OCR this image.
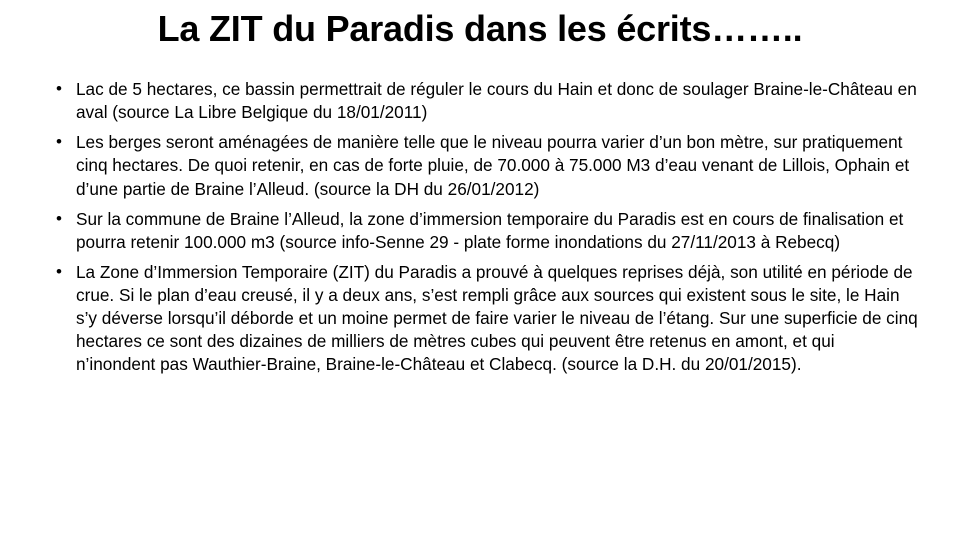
La ZIT du Paradis dans les écrits……..
• Lac de 5 hectares, ce bassin permettrait de réguler le cours du Hain et donc de soulager Braine-le-Château en aval (source La Libre Belgique du 18/01/2011)
• Les berges seront aménagées de manière telle que le niveau pourra varier d’un bon mètre, sur pratiquement cinq hectares. De quoi retenir, en cas de forte pluie, de 70.000 à 75.000 M3 d’eau venant de Lillois, Ophain et d’une partie de Braine l’Alleud. (source la DH du 26/01/2012)
• Sur la commune de Braine l’Alleud, la zone d’immersion temporaire du Paradis est en cours de finalisation et pourra retenir 100.000 m3 (source info-Senne 29 - plate forme inondations du 27/11/2013 à Rebecq)
• La Zone d’Immersion Temporaire (ZIT) du Paradis a prouvé à quelques reprises déjà, son utilité en période de crue. Si le plan d’eau creusé, il y a deux ans, s’est rempli grâce aux sources qui existent sous le site, le Hain s’y déverse lorsqu’il déborde et un moine permet de faire varier le niveau de l’étang. Sur une superficie de cinq hectares ce sont des dizaines de milliers de mètres cubes qui peuvent être retenus en amont, et qui n’inondent pas Wauthier-Braine, Braine-le-Château et Clabecq. (source la D.H. du 20/01/2015).
